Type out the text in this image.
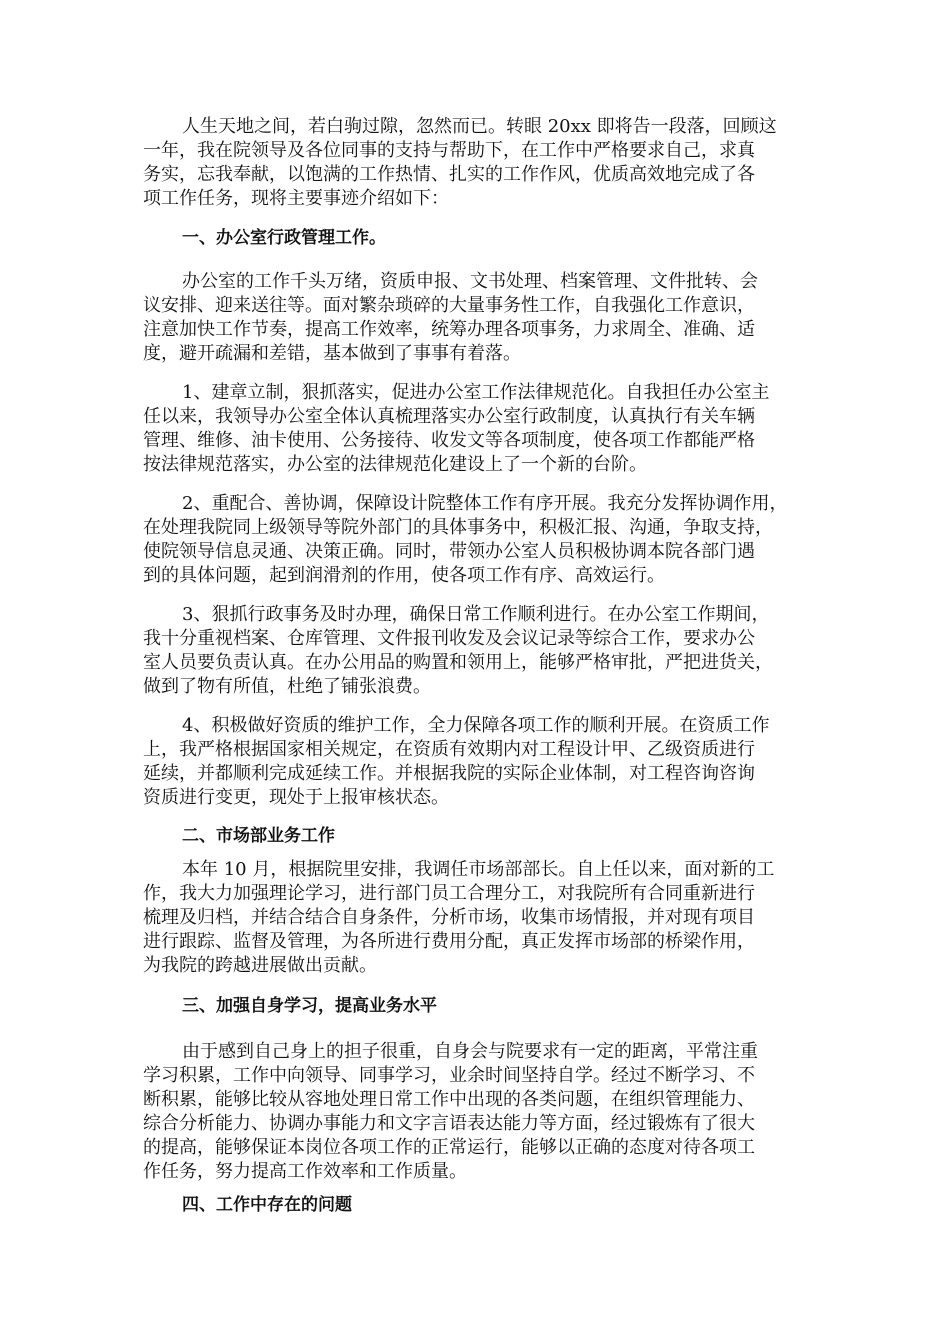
人生天地之间，若白驹过隙，忽然而已。转眼 20xx 即将告一段落，回顾这
一年，我在院领导及各位同事的支持与帮助下，在工作中严格要求自己，求真
务实，忘我奉献，以饱满的工作热情、扎实的工作作风，优质高效地完成了各
项工作任务，现将主要事迹介绍如下：
一、办公室行政管理工作。
办公室的工作千头万绪，资质申报、文书处理、档案管理、文件批转、会
议安排、迎来送往等。面对繁杂琐碎的大量事务性工作，自我强化工作意识，
注意加快工作节奏，提高工作效率，统筹办理各项事务，力求周全、准确、适
度，避开疏漏和差错，基本做到了事事有着落。
1、建章立制，狠抓落实，促进办公室工作法律规范化。自我担任办公室主
任以来，我领导办公室全体认真梳理落实办公室行政制度，认真执行有关车辆
管理、维修、油卡使用、公务接待、收发文等各项制度，使各项工作都能严格
按法律规范落实，办公室的法律规范化建设上了一个新的台阶。
2、重配合、善协调，保障设计院整体工作有序开展。我充分发挥协调作用，
在处理我院同上级领导等院外部门的具体事务中，积极汇报、沟通，争取支持，
使院领导信息灵通、决策正确。同时，带领办公室人员积极协调本院各部门遇
到的具体问题，起到润滑剂的作用，使各项工作有序、高效运行。
3、狠抓行政事务及时办理，确保日常工作顺利进行。在办公室工作期间，
我十分重视档案、仓库管理、文件报刊收发及会议记录等综合工作，要求办公
室人员要负责认真。在办公用品的购置和领用上，能够严格审批，严把进货关，
做到了物有所值，杜绝了铺张浪费。
4、积极做好资质的维护工作，全力保障各项工作的顺利开展。在资质工作
上，我严格根据国家相关规定，在资质有效期内对工程设计甲、乙级资质进行
延续，并都顺利完成延续工作。并根据我院的实际企业体制，对工程咨询咨询
资质进行变更，现处于上报审核状态。
二、市场部业务工作
本年 10 月，根据院里安排，我调任市场部部长。自上任以来，面对新的工
作，我大力加强理论学习，进行部门员工合理分工，对我院所有合同重新进行
梳理及归档，并结合结合自身条件，分析市场，收集市场情报，并对现有项目
进行跟踪、监督及管理，为各所进行费用分配，真正发挥市场部的桥梁作用，
为我院的跨越进展做出贡献。
三、加强自身学习，提高业务水平
由于感到自己身上的担子很重，自身会与院要求有一定的距离，平常注重
学习积累，工作中向领导、同事学习，业余时间坚持自学。经过不断学习、不
断积累，能够比较从容地处理日常工作中出现的各类问题，在组织管理能力、
综合分析能力、协调办事能力和文字言语表达能力等方面，经过锻炼有了很大
的提高，能够保证本岗位各项工作的正常运行，能够以正确的态度对待各项工
作任务，努力提高工作效率和工作质量。
四、工作中存在的问题
